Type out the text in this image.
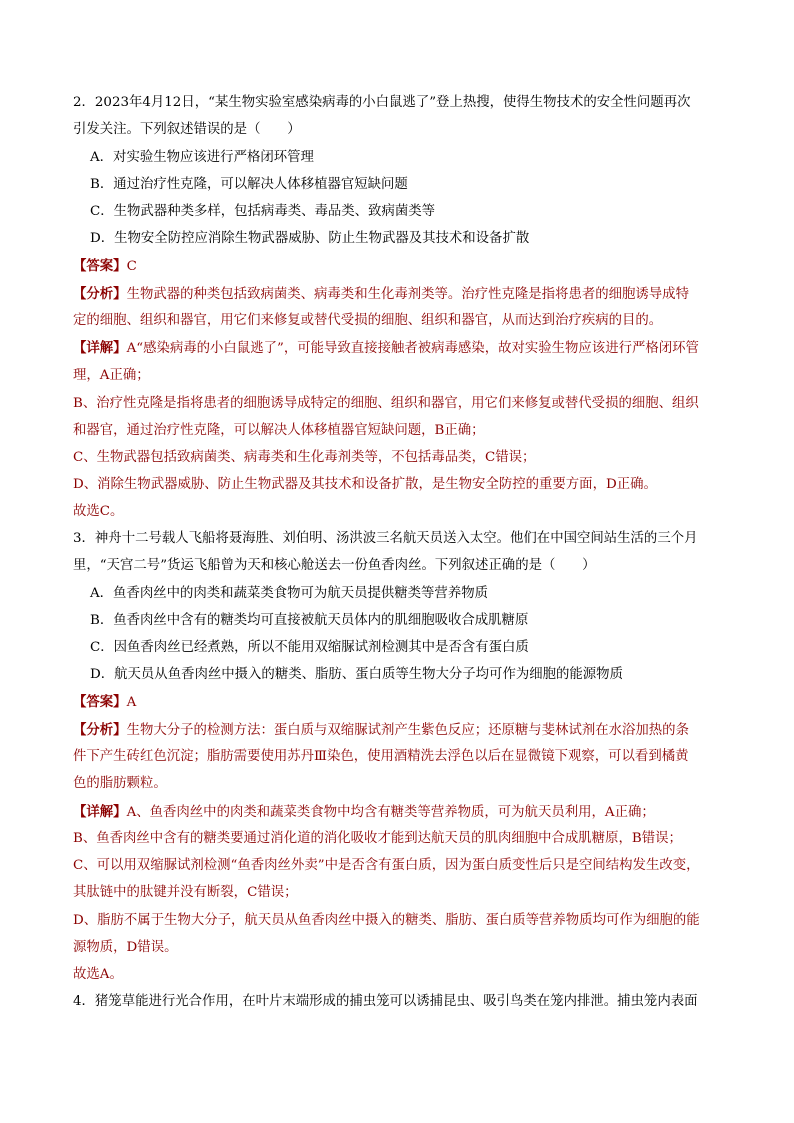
2．2023年4月12日，“某生物实验室感染病毒的小白鼠逃了”登上热搜，使得生物技术的安全性问题再次
引发关注。下列叙述错误的是（　　）
A．对实验生物应该进行严格闭环管理
B．通过治疗性克隆，可以解决人体移植器官短缺问题
C．生物武器种类多样，包括病毒类、毒品类、致病菌类等
D．生物安全防控应消除生物武器威胁、防止生物武器及其技术和设备扩散
【答案】C
【分析】生物武器的种类包括致病菌类、病毒类和生化毒剂类等。治疗性克隆是指将患者的细胞诱导成特
定的细胞、组织和器官，用它们来修复或替代受损的细胞、组织和器官，从而达到治疗疾病的目的。
【详解】A“感染病毒的小白鼠逃了”，可能导致直接接触者被病毒感染，故对实验生物应该进行严格闭环管
理，A正确；
B、治疗性克隆是指将患者的细胞诱导成特定的细胞、组织和器官，用它们来修复或替代受损的细胞、组织
和器官，通过治疗性克隆，可以解决人体移植器官短缺问题，B正确；
C、生物武器包括致病菌类、病毒类和生化毒剂类等，不包括毒品类，C错误；
D、消除生物武器威胁、防止生物武器及其技术和设备扩散，是生物安全防控的重要方面，D正确。
故选C。
3．神舟十二号载人飞船将聂海胜、刘伯明、汤洪波三名航天员送入太空。他们在中国空间站生活的三个月
里，“天宫二号”货运飞船曾为天和核心舱送去一份鱼香肉丝。下列叙述正确的是（　　）
A．鱼香肉丝中的肉类和蔬菜类食物可为航天员提供糖类等营养物质
B．鱼香肉丝中含有的糖类均可直接被航天员体内的肌细胞吸收合成肌糖原
C．因鱼香肉丝已经煮熟，所以不能用双缩脲试剂检测其中是否含有蛋白质
D．航天员从鱼香肉丝中摄入的糖类、脂肪、蛋白质等生物大分子均可作为细胞的能源物质
【答案】A
【分析】生物大分子的检测方法：蛋白质与双缩脲试剂产生紫色反应；还原糖与斐林试剂在水浴加热的条
件下产生砖红色沉淀；脂肪需要使用苏丹Ⅲ染色，使用酒精洗去浮色以后在显微镜下观察，可以看到橘黄
色的脂肪颗粒。
【详解】A、鱼香肉丝中的肉类和蔬菜类食物中均含有糖类等营养物质，可为航天员利用，A正确；
B、鱼香肉丝中含有的糖类要通过消化道的消化吸收才能到达航天员的肌肉细胞中合成肌糖原，B错误；
C、可以用双缩脲试剂检测“鱼香肉丝外卖”中是否含有蛋白质，因为蛋白质变性后只是空间结构发生改变，
其肽链中的肽键并没有断裂，C错误；
D、脂肪不属于生物大分子，航天员从鱼香肉丝中摄入的糖类、脂肪、蛋白质等营养物质均可作为细胞的能
源物质，D错误。
故选A。
4．猪笼草能进行光合作用，在叶片末端形成的捕虫笼可以诱捕昆虫、吸引鸟类在笼内排泄。捕虫笼内表面
